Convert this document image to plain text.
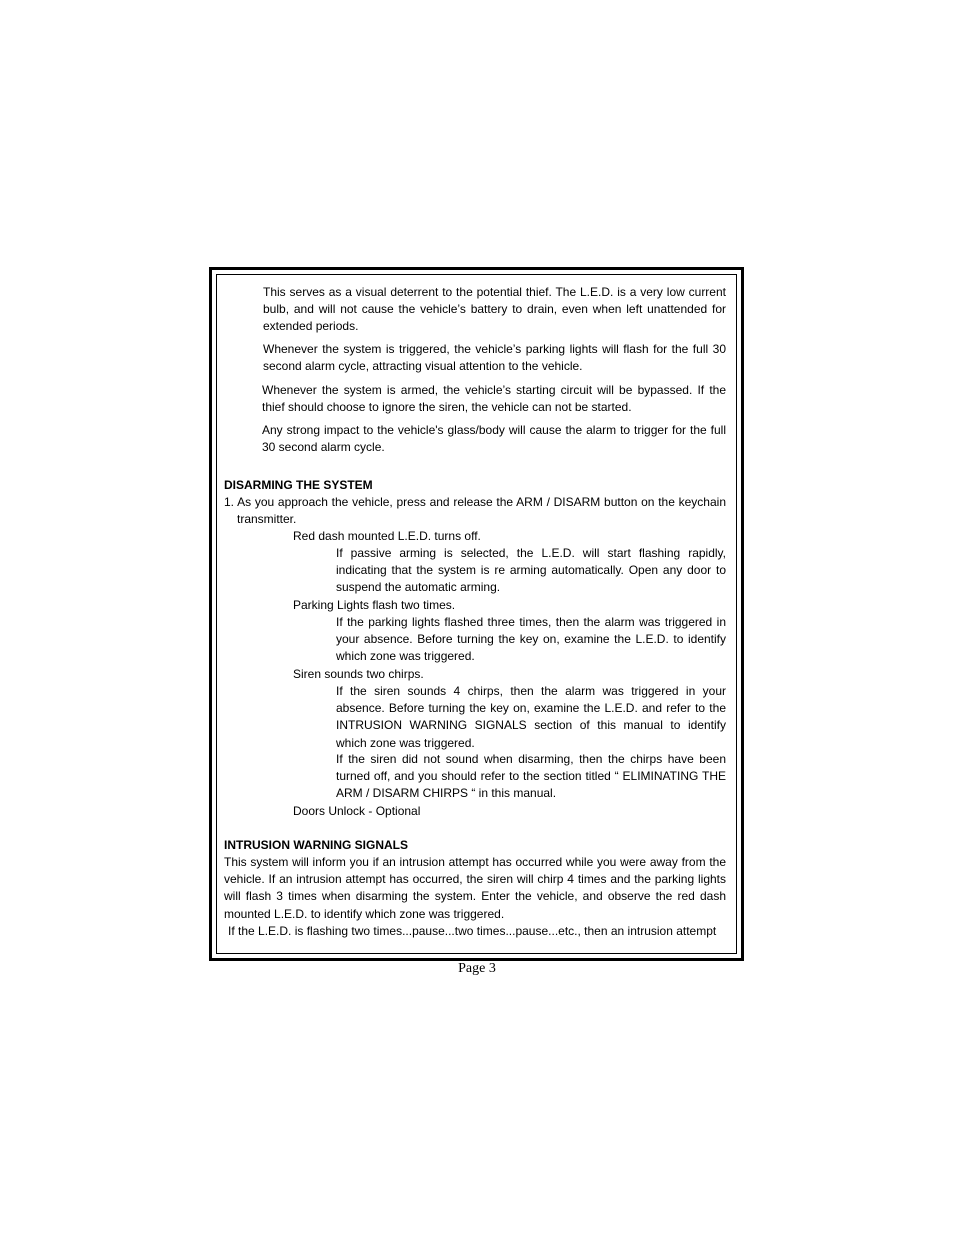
This serves as a visual deterrent to the potential thief. The L.E.D. is a very low current bulb, and will not cause the vehicle’s battery to drain, even when left unattended for extended periods.

Whenever the system is triggered, the vehicle’s parking lights will flash for the full 30 second alarm cycle, attracting visual attention to the vehicle.

Whenever the system is armed, the vehicle’s starting circuit will be bypassed. If the thief should choose to ignore the siren, the vehicle can not be started.

Any strong impact to the vehicle's glass/body will cause the alarm to trigger for the full 30 second alarm cycle.

DISARMING THE SYSTEM

1. As you approach the vehicle, press and release the ARM / DISARM button on the keychain transmitter.

Red dash mounted L.E.D. turns off.

If passive arming is selected, the L.E.D. will start flashing rapidly, indicating that the system is re arming automatically. Open any door to suspend the automatic arming.

Parking Lights flash two times.

If the parking lights flashed three times, then the alarm was triggered in your absence. Before turning the key on, examine the L.E.D. to identify which zone was triggered.

Siren sounds two chirps.

If the siren sounds 4 chirps, then the alarm was triggered in your absence. Before turning the key on, examine the L.E.D. and refer to the INTRUSION WARNING SIGNALS section of this manual to identify which zone was triggered.

If the siren did not sound when disarming, then the chirps have been turned off, and you should refer to the section titled “ ELIMINATING THE ARM / DISARM CHIRPS “ in this manual.

Doors Unlock - Optional

INTRUSION WARNING SIGNALS

This system will inform you if an intrusion attempt has occurred while you were away from the vehicle. If an intrusion attempt has occurred, the siren will chirp 4 times and the parking lights will flash 3 times when disarming the system. Enter the vehicle, and observe the red dash mounted L.E.D. to identify which zone was triggered.

If the L.E.D. is flashing two times...pause...two times...pause...etc., then an intrusion attempt

Page 3
